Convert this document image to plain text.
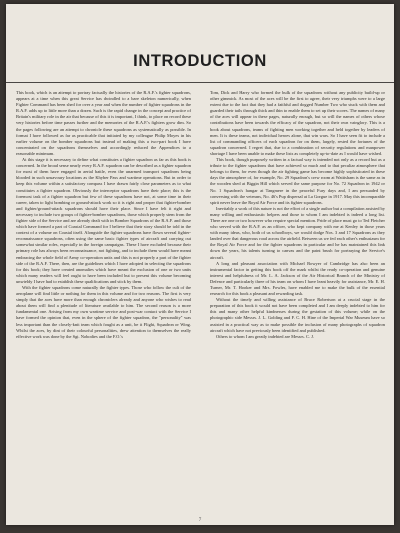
INTRODUCTION

This book, which is an attempt to portray factually the histories of the R.A.F.'s fighter squadrons, appears at a time when this great Service has dwindled to a bare skeleton numerically, when Fighter Command has been shed for over a year and when the number of fighter squadrons in the R.A.F. adds up to little more than a dozen. Such is the rapid change in the concept and practice of Britain's military role in the air that because of this it is important, I think, to place on record these very histories before time passes further and the memories of the R.A.F.'s fighters grow dim. So the pages following are an attempt to chronicle these squadrons as systematically as possible. In format I have followed as far as practicable that initiated by my colleague Philip Moyes in his earlier volume on the bomber squadrons but instead of making this a two-part book I have concentrated on the squadrons themselves and accordingly reduced the Appendices to a reasonable minimum.

At this stage it is necessary to define what constitutes a fighter squadron as far as this book is concerned. In the broad sense nearly every R.A.F. squadron can be described as a fighter squadron for most of them have engaged in aerial battle, even the unarmed transport squadrons being blooded in such unsavoury locations as the Khyber Pass and wartime operations. But in order to keep this volume within a satisfactory compass I have drawn fairly close parameters as to what constitutes a fighter squadron. Obviously the interceptor squadrons have their place; this is the foremost task of a fighter squadron but few of these squadrons have not, at some time in their career, taken to light bombing or ground-attack work so it is right and proper that fighter-bomber and fighter/ground-attack squadrons should have their place. Since I have felt it right and necessary to include two groups of fighter-bomber squadrons, those which properly stem from the fighter side of the Service and are already dealt with in Bomber Squadrons of the R.A.F. and those which have formed a part of Coastal Command for I believe that their story should be told in the context of a volume on Coastal itself. Alongside the fighter squadrons have flown several fighter-reconnaissance squadrons, often using the same basic fighter types of aircraft and carrying out somewhat similar roles, especially in the foreign campaigns. These I have excluded because their primary role has always been reconnaissance, not fighting, and to include them would have meant embracing the whole field of Army co-operation units and this is not properly a part of the fighter side of the R.A.F. There, then, are the guidelines which I have adopted in selecting the squadrons for this book; they have created anomalies which have meant the exclusion of one or two units which many readers will feel ought to have been included but to present this volume becoming unwieldy I have had to establish these qualifications and stick by them.

With the fighter squadrons come naturally the fighter types. Those who follow the cult of the aeroplane will find little or nothing for them in this volume and for two reasons. The first is very simply that the aces have more than enough chroniclers already and anyone who wishes to read about them will find a plenitude of literature available to him. The second reason is a more fundamental one. Arising from my own wartime service and post-war contact with the Service I have formed the opinion that, even in the sphere of the fighter squadron, the "personality" was less important than the closely-knit team which fought as a unit, be it Flight, Squadron or Wing. Whilst the aces, by dint of their colourful personalities, drew attention to themselves the really effective work was done by the Sgt. Nobodies and the F.O.'s

Tom, Dick and Harry who formed the bulk of the squadrons without any publicity build-up or other gimmick. As most of the aces will be the first to agree, their very triumphs were to a large extent due to the fact that they had a faithful and dogged Number Two who stuck with them and guarded their tails through thick and thin to enable them to set up their scores. The names of many of the aces will appear in these pages, naturally enough, but so will the names of others whose contributions have been towards the efficacy of the squadron, not their own vainglory. This is a book about squadrons, teams of fighting men working together and held together by leaders of men. It is these teams, not individual heroes alone, that win wars. So I have seen fit to include a list of commanding officers of each squadron for on them, largely, rested the fortunes of the squadron concerned. I regret that, due to a combination of security regulations and manpower shortage I have been unable to make these lists as completely up-to-date as I would have wished.

This book, though purposely written in a factual way is intended not only as a record but as a tribute to the fighter squadrons that have achieved so much and to that peculiar atmosphere that belongs to them, for even though the air fighting game has become highly sophisticated in these days the atmosphere of, for example, No. 29 Squadron's crew room at Wattisham is the same as in the wooden shed at Biggin Hill which served the same purpose for No. 72 Squadron in 1942 or No. 1 Squadron's hangar at Tangmere in the peaceful Fury days and, I am persuaded by conversing with the veterans, No. 46's Pup dispersal at La Gorgue in 1917. May this incomparable spirit never leave the Royal Air Force and its fighter squadrons.

Inevitably a work of this nature is not the effort of a single author but a compilation assisted by many willing and enthusiastic helpers and those to whom I am indebted is indeed a long list. There are one or two however who require special mention. Pride of place must go to Ted Fletcher who served with the R.A.F. as an officer, who kept company with me at Kenley in those years with many ideas, who, both of us schoolboys, we would dodge Nos. 3 and 17 Squadrons as they landed over that dangerous road across the airfield. Between us we fed each other's enthusiasm for the Royal Air Force and for the fighter squadrons in particular and he has maintained this link down the years, his talents turning to canvas and the paint brush for portraying the Service's aircraft.

A long and pleasant association with Michael Bowyer of Cambridge has also been an instrumental factor in getting this book off the mark whilst the ready co-operation and genuine interest and helpfulness of Mr. L. A. Jackson of the Air Historical Branch of the Ministry of Defence and particularly three of his team on whom I have leant heavily for assistance, Mr. E. H. Turner, Mr. T. Hooker and Mrs. Fowles, have enabled me to make the bulk of the essential research for this book a pleasant and rewarding task.

Without the timely and willing assistance of Bruce Robertson at a crucial stage in the preparation of this book it would not have been completed and I am deeply indebted to him for this and many other helpful kindnesses during the gestation of this volume; while on the photographic side Messrs. J. L. Golding and F. C. H. Hine of the Imperial War Museum have so assisted in a practical way as to make possible the inclusion of many photographs of squadron aircraft which have not previously been identified and published.

Others to whom I am greatly indebted are Messrs. C. J.

7
